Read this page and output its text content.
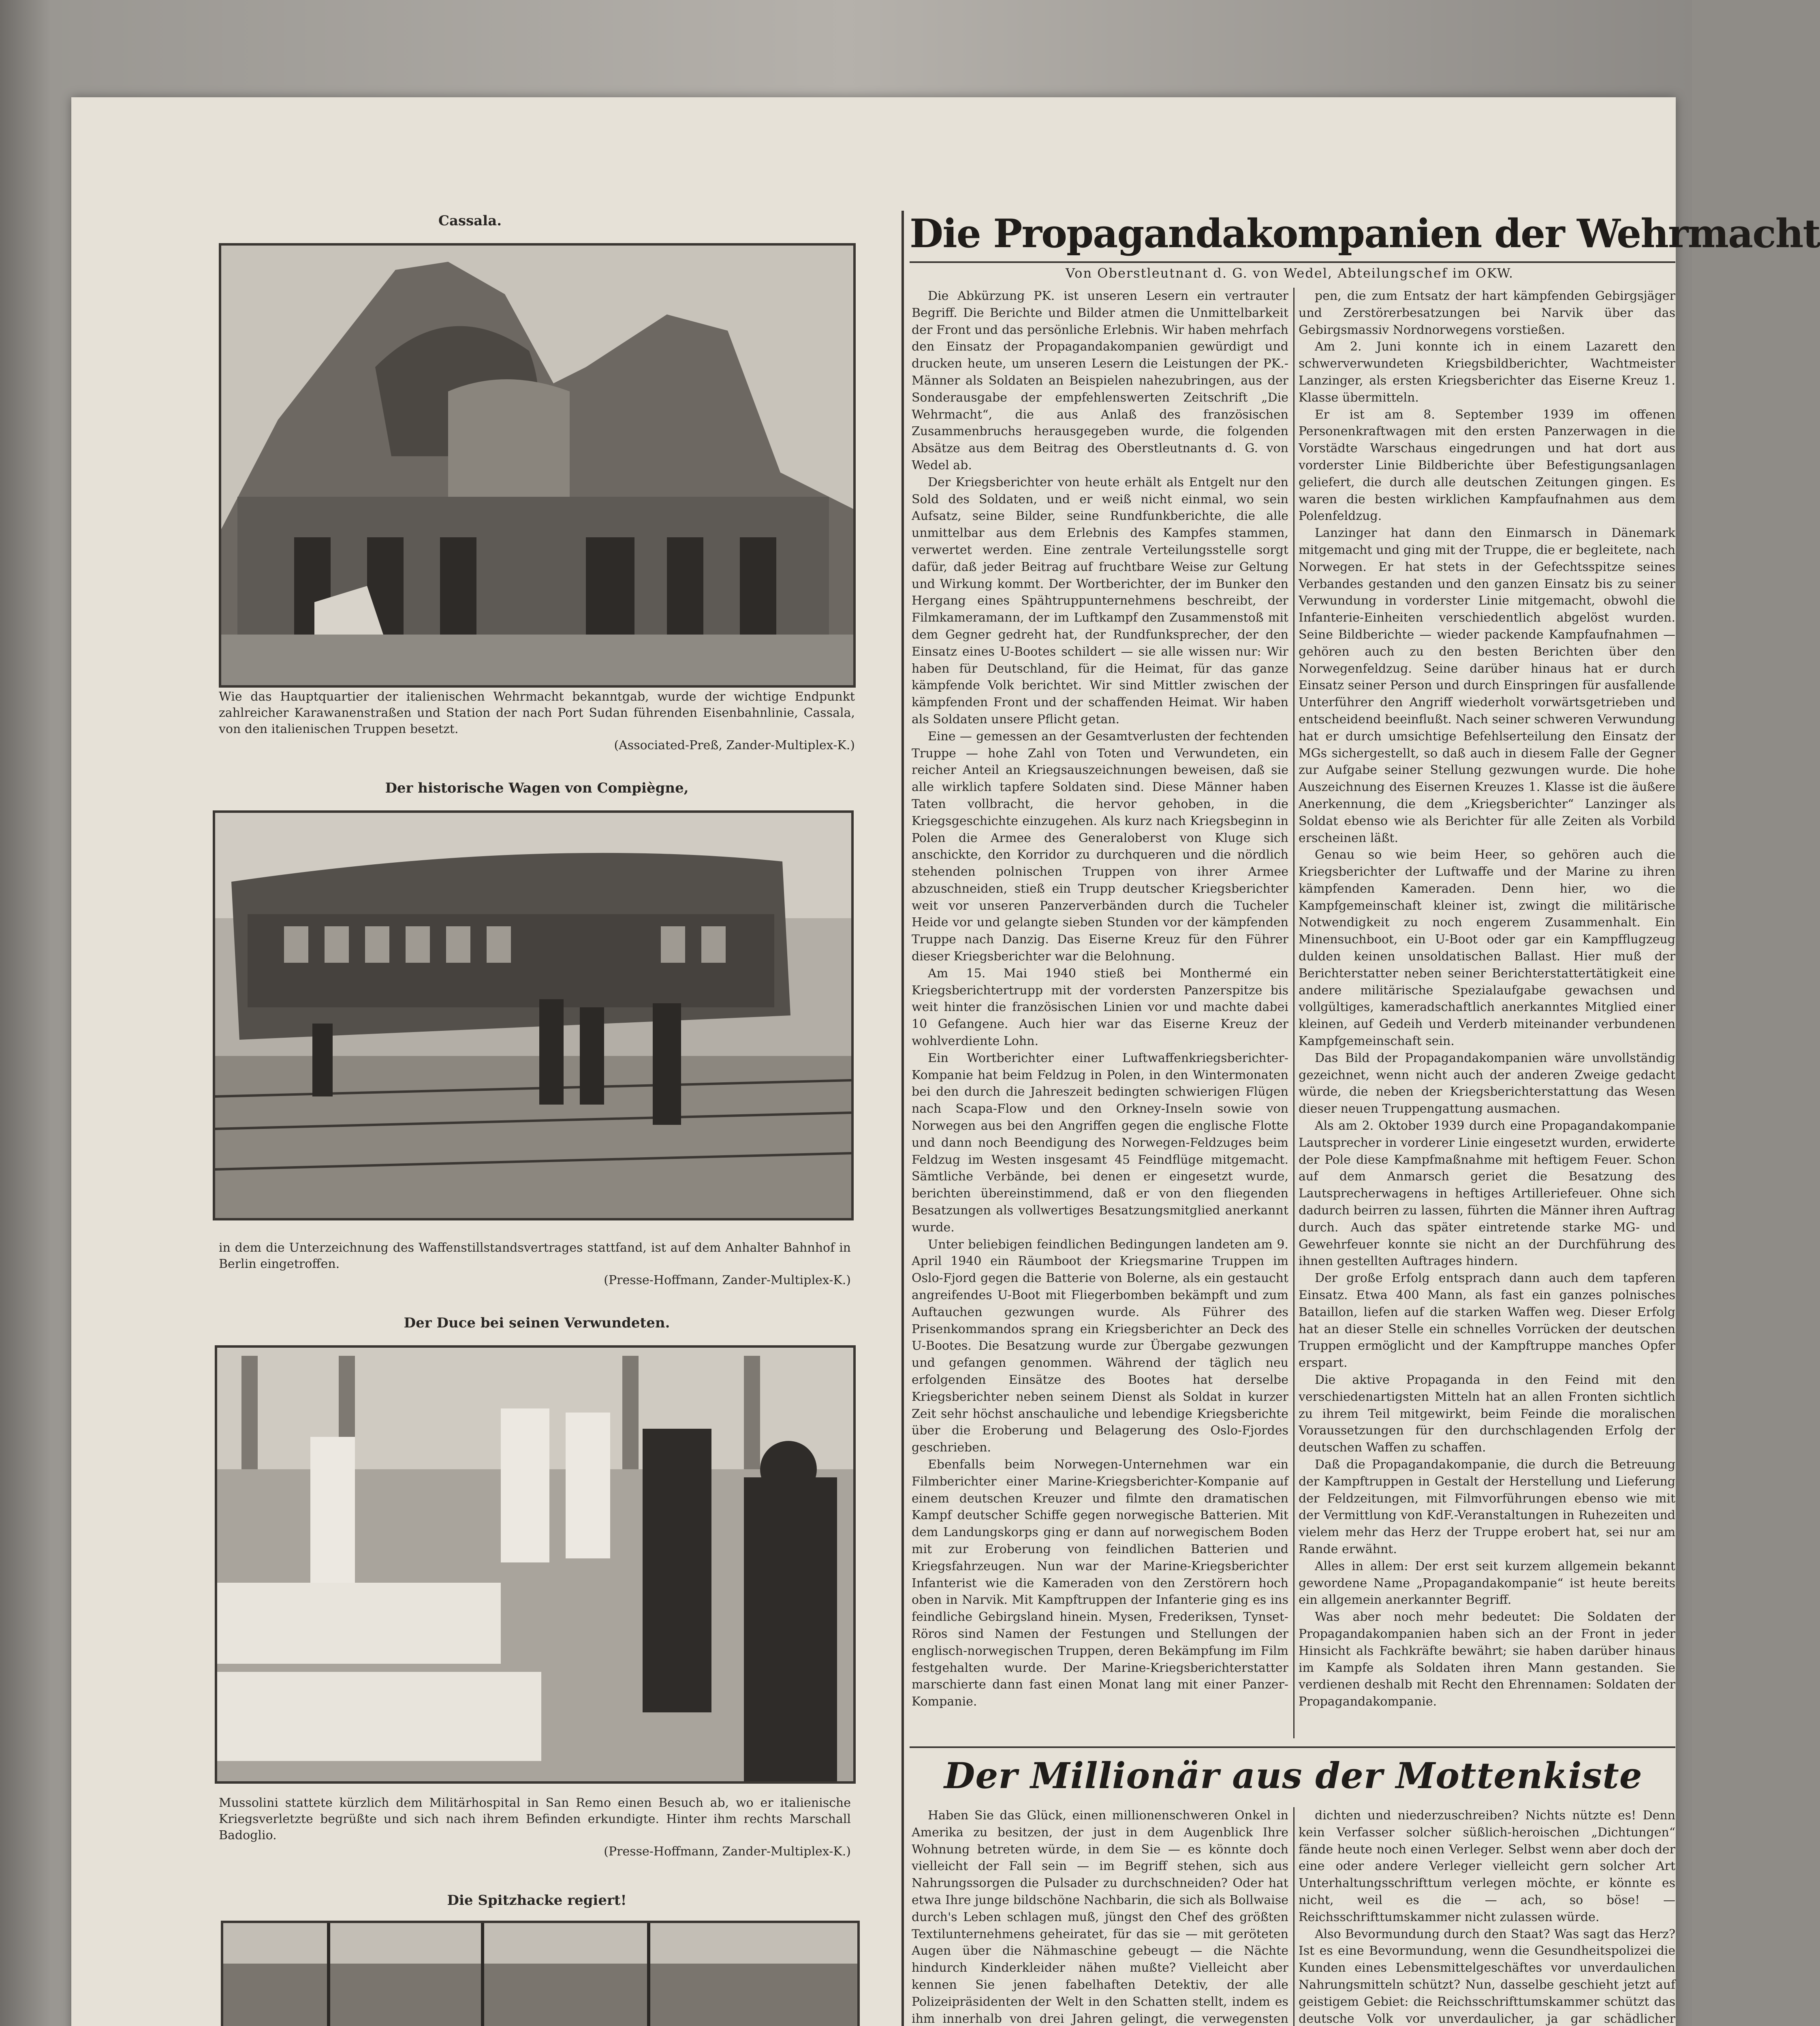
Cassala.
Wie das Hauptquartier der italienischen Wehrmacht bekanntgab, wurde der wichtige Endpunkt zahlreicher Karawanenstraßen und Station der nach Port Sudan führenden Eisenbahnlinie, Cassala, von den italienischen Truppen besetzt.
(Associated-Preß, Zander-Multiplex-K.)
Der historische Wagen von Compiègne,
in dem die Unterzeichnung des Waffenstillstandsvertrages stattfand, ist auf dem Anhalter Bahnhof in Berlin eingetroffen.
(Presse-Hoffmann, Zander-Multiplex-K.)
Der Duce bei seinen Verwundeten.
Mussolini stattete kürzlich dem Militärhospital in San Remo einen Besuch ab, wo er italienische Kriegsverletzte begrüßte und sich nach ihrem Befinden erkundigte. Hinter ihm rechts Marschall Badoglio.
(Presse-Hoffmann, Zander-Multiplex-K.)
Die Spitzhacke regiert!
Die Propagandakompanien der Wehrmacht
Von Oberstleutnant d. G. von Wedel, Abteilungschef im OKW.

Die Abkürzung PK. ist unseren Lesern ein vertrauter Begriff. Die Berichte und Bilder atmen die Unmittelbarkeit der Front und das persönliche Erlebnis. Wir haben mehrfach den Einsatz der Propagandakompanien gewürdigt und drucken heute, um unseren Lesern die Leistungen der PK.-Männer als Soldaten an Beispielen nahezubringen, aus der Sonderausgabe der empfehlenswerten Zeitschrift „Die Wehrmacht“, die aus Anlaß des französischen Zusammenbruchs herausgegeben wurde, die folgenden Absätze aus dem Beitrag des Oberstleutnants d. G. von Wedel ab.

Der Kriegsberichter von heute erhält als Entgelt nur den Sold des Soldaten, und er weiß nicht einmal, wo sein Aufsatz, seine Bilder, seine Rundfunkberichte, die alle unmittelbar aus dem Erlebnis des Kampfes stammen, verwertet werden. Eine zentrale Verteilungsstelle sorgt dafür, daß jeder Beitrag auf fruchtbare Weise zur Geltung und Wirkung kommt. Der Wortberichter, der im Bunker den Hergang eines Spähtruppunternehmens beschreibt, der Filmkameramann, der im Luftkampf den Zusammenstoß mit dem Gegner gedreht hat, der Rundfunksprecher, der den Einsatz eines U-Bootes schildert — sie alle wissen nur: Wir haben für Deutschland, für die Heimat, für das ganze kämpfende Volk berichtet. Wir sind Mittler zwischen der kämpfenden Front und der schaffenden Heimat. Wir haben als Soldaten unsere Pflicht getan.

Eine — gemessen an der Gesamtverlusten der fechtenden Truppe — hohe Zahl von Toten und Verwundeten, ein reicher Anteil an Kriegsauszeichnungen beweisen, daß sie alle wirklich tapfere Soldaten sind. Diese Männer haben Taten vollbracht, die hervor gehoben, in die Kriegsgeschichte einzugehen. Als kurz nach Kriegsbeginn in Polen die Armee des Generaloberst von Kluge sich anschickte, den Korridor zu durchqueren und die nördlich stehenden polnischen Truppen von ihrer Armee abzuschneiden, stieß ein Trupp deutscher Kriegsberichter weit vor unseren Panzerverbänden durch die Tucheler Heide vor und gelangte sieben Stunden vor der kämpfenden Truppe nach Danzig. Das Eiserne Kreuz für den Führer dieser Kriegsberichter war die Belohnung.

Am 15. Mai 1940 stieß bei Monthermé ein Kriegsberichtertrupp mit der vordersten Panzerspitze bis weit hinter die französischen Linien vor und machte dabei 10 Gefangene. Auch hier war das Eiserne Kreuz der wohlverdiente Lohn.

Ein Wortberichter einer Luftwaffenkriegsberichter-Kompanie hat beim Feldzug in Polen, in den Wintermonaten bei den durch die Jahreszeit bedingten schwierigen Flügen nach Scapa-Flow und den Orkney-Inseln sowie von Norwegen aus bei den Angriffen gegen die englische Flotte und dann noch Beendigung des Norwegen-Feldzuges beim Feldzug im Westen insgesamt 45 Feindflüge mitgemacht. Sämtliche Verbände, bei denen er eingesetzt wurde, berichten übereinstimmend, daß er von den fliegenden Besatzungen als vollwertiges Besatzungsmitglied anerkannt wurde.

Unter beliebigen feindlichen Bedingungen landeten am 9. April 1940 ein Räumboot der Kriegsmarine Truppen im Oslo-Fjord gegen die Batterie von Bolerne, als ein gestaucht angreifendes U-Boot mit Fliegerbomben bekämpft und zum Auftauchen gezwungen wurde. Als Führer des Prisenkommandos sprang ein Kriegsberichter an Deck des U-Bootes. Die Besatzung wurde zur Übergabe gezwungen und gefangen genommen. Während der täglich neu erfolgenden Einsätze des Bootes hat derselbe Kriegsberichter neben seinem Dienst als Soldat in kurzer Zeit sehr höchst anschauliche und lebendige Kriegsberichte über die Eroberung und Belagerung des Oslo-Fjordes geschrieben.

Ebenfalls beim Norwegen-Unternehmen war ein Filmberichter einer Marine-Kriegsberichter-Kompanie auf einem deutschen Kreuzer und filmte den dramatischen Kampf deutscher Schiffe gegen norwegische Batterien. Mit dem Landungskorps ging er dann auf norwegischem Boden mit zur Eroberung von feindlichen Batterien und Kriegsfahrzeugen. Nun war der Marine-Kriegsberichter Infanterist wie die Kameraden von den Zerstörern hoch oben in Narvik. Mit Kampftruppen der Infanterie ging es ins feindliche Gebirgsland hinein. Mysen, Frederiksen, Tynset-Röros sind Namen der Festungen und Stellungen der englisch-norwegischen Truppen, deren Bekämpfung im Film festgehalten wurde. Der Marine-Kriegsberichterstatter marschierte dann fast einen Monat lang mit einer Panzer-Kompanie.

pen, die zum Entsatz der hart kämpfenden Gebirgsjäger und Zerstörerbesatzungen bei Narvik über das Gebirgsmassiv Nordnorwegens vorstießen.

Am 2. Juni konnte ich in einem Lazarett den schwerverwundeten Kriegsbildberichter, Wachtmeister Lanzinger, als ersten Kriegsberichter das Eiserne Kreuz 1. Klasse übermitteln.

Er ist am 8. September 1939 im offenen Personenkraftwagen mit den ersten Panzerwagen in die Vorstädte Warschaus eingedrungen und hat dort aus vorderster Linie Bildberichte über Befestigungsanlagen geliefert, die durch alle deutschen Zeitungen gingen. Es waren die besten wirklichen Kampfaufnahmen aus dem Polenfeldzug.

Lanzinger hat dann den Einmarsch in Dänemark mitgemacht und ging mit der Truppe, die er begleitete, nach Norwegen. Er hat stets in der Gefechtsspitze seines Verbandes gestanden und den ganzen Einsatz bis zu seiner Verwundung in vorderster Linie mitgemacht, obwohl die Infanterie-Einheiten verschiedentlich abgelöst wurden. Seine Bildberichte — wieder packende Kampfaufnahmen — gehören auch zu den besten Berichten über den Norwegenfeldzug. Seine darüber hinaus hat er durch Einsatz seiner Person und durch Einspringen für ausfallende Unterführer den Angriff wiederholt vorwärtsgetrieben und entscheidend beeinflußt. Nach seiner schweren Verwundung hat er durch umsichtige Befehlserteilung den Einsatz der MGs sichergestellt, so daß auch in diesem Falle der Gegner zur Aufgabe seiner Stellung gezwungen wurde. Die hohe Auszeichnung des Eisernen Kreuzes 1. Klasse ist die äußere Anerkennung, die dem „Kriegsberichter“ Lanzinger als Soldat ebenso wie als Berichter für alle Zeiten als Vorbild erscheinen läßt.

Genau so wie beim Heer, so gehören auch die Kriegsberichter der Luftwaffe und der Marine zu ihren kämpfenden Kameraden. Denn hier, wo die Kampfgemeinschaft kleiner ist, zwingt die militärische Notwendigkeit zu noch engerem Zusammenhalt. Ein Minensuchboot, ein U-Boot oder gar ein Kampfflugzeug dulden keinen unsoldatischen Ballast. Hier muß der Berichterstatter neben seiner Berichterstattertätigkeit eine andere militärische Spezialaufgabe gewachsen und vollgültiges, kameradschaftlich anerkanntes Mitglied einer kleinen, auf Gedeih und Verderb miteinander verbundenen Kampfgemeinschaft sein.

Das Bild der Propagandakompanien wäre unvollständig gezeichnet, wenn nicht auch der anderen Zweige gedacht würde, die neben der Kriegsberichterstattung das Wesen dieser neuen Truppengattung ausmachen.

Als am 2. Oktober 1939 durch eine Propagandakompanie Lautsprecher in vorderer Linie eingesetzt wurden, erwiderte der Pole diese Kampfmaßnahme mit heftigem Feuer. Schon auf dem Anmarsch geriet die Besatzung des Lautsprecherwagens in heftiges Artilleriefeuer. Ohne sich dadurch beirren zu lassen, führten die Männer ihren Auftrag durch. Auch das später eintretende starke MG- und Gewehrfeuer konnte sie nicht an der Durchführung des ihnen gestellten Auftrages hindern.

Der große Erfolg entsprach dann auch dem tapferen Einsatz. Etwa 400 Mann, als fast ein ganzes polnisches Bataillon, liefen auf die starken Waffen weg. Dieser Erfolg hat an dieser Stelle ein schnelles Vorrücken der deutschen Truppen ermöglicht und der Kampftruppe manches Opfer erspart.

Die aktive Propaganda in den Feind mit den verschiedenartigsten Mitteln hat an allen Fronten sichtlich zu ihrem Teil mitgewirkt, beim Feinde die moralischen Voraussetzungen für den durchschlagenden Erfolg der deutschen Waffen zu schaffen.

Daß die Propagandakompanie, die durch die Betreuung der Kampftruppen in Gestalt der Herstellung und Lieferung der Feldzeitungen, mit Filmvorführungen ebenso wie mit der Vermittlung von KdF.-Veranstaltungen in Ruhezeiten und vielem mehr das Herz der Truppe erobert hat, sei nur am Rande erwähnt.

Alles in allem: Der erst seit kurzem allgemein bekannt gewordene Name „Propagandakompanie“ ist heute bereits ein allgemein anerkannter Begriff.

Was aber noch mehr bedeutet: Die Soldaten der Propagandakompanien haben sich an der Front in jeder Hinsicht als Fachkräfte bewährt; sie haben darüber hinaus im Kampfe als Soldaten ihren Mann gestanden. Sie verdienen deshalb mit Recht den Ehrennamen: Soldaten der Propagandakompanie.

Der Millionär aus der Mottenkiste

Haben Sie das Glück, einen millionenschweren Onkel in Amerika zu besitzen, der just in dem Augenblick Ihre Wohnung betreten würde, in dem Sie — es könnte doch vielleicht der Fall sein — im Begriff stehen, sich aus Nahrungssorgen die Pulsader zu durchschneiden? Oder hat etwa Ihre junge bildschöne Nachbarin, die sich als Bollwaise durch's Leben schlagen muß, jüngst den Chef des größten Textilunternehmens geheiratet, für das sie — mit geröteten Augen über die Nähmaschine gebeugt — die Nächte hindurch Kinderkleider nähen mußte? Vielleicht aber kennen Sie jenen fabelhaften Detektiv, der alle Polizeipräsidenten der Welt in den Schatten stellt, indem es ihm innerhalb von drei Jahren gelingt, die verwegensten

dichten und niederzuschreiben? Nichts nützte es! Denn kein Verfasser solcher süßlich-heroischen „Dichtungen“ fände heute noch einen Verleger. Selbst wenn aber doch der eine oder andere Verleger vielleicht gern solcher Art Unterhaltungsschrifttum verlegen möchte, er könnte es nicht, weil es die — ach, so böse! — Reichsschrifttumskammer nicht zulassen würde.

Also Bevormundung durch den Staat? Was sagt das Herz? Ist es eine Bevormundung, wenn die Gesundheitspolizei die Kunden eines Lebensmittelgeschäftes vor unverdaulichen Nahrungsmitteln schützt? Nun, dasselbe geschieht jetzt auf geistigem Gebiet: die Reichsschrifttumskammer schützt das deutsche Volk vor unverdaulicher, ja gar schädlicher
